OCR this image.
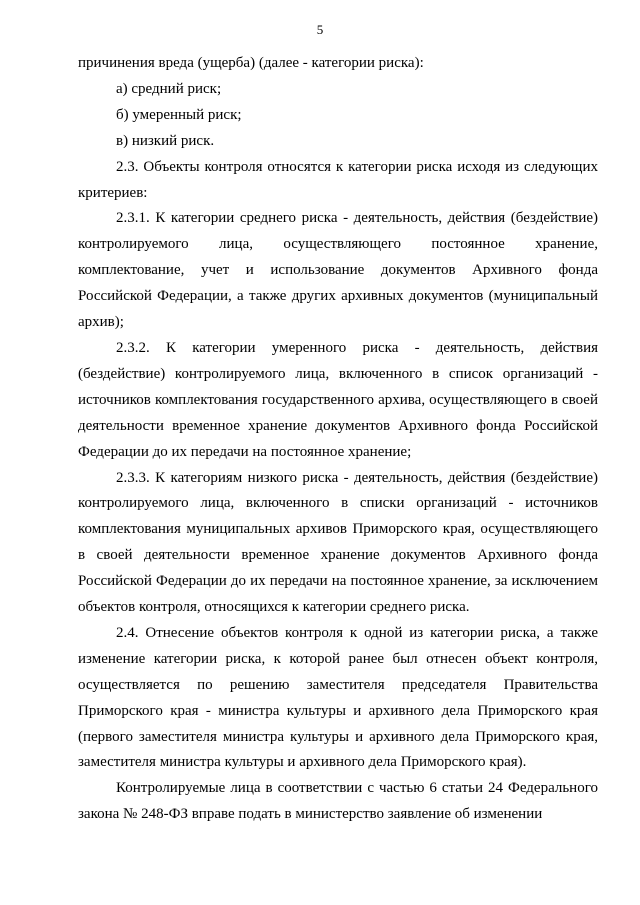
5

причинения вреда (ущерба) (далее - категории риска):

а) средний риск;

б) умеренный риск;

в) низкий риск.

2.3. Объекты контроля относятся к категории риска исходя из следующих критериев:

2.3.1. К категории среднего риска - деятельность, действия (бездействие) контролируемого лица, осуществляющего постоянное хранение, комплектование, учет и использование документов Архивного фонда Российской Федерации, а также других архивных документов (муниципальный архив);

2.3.2. К категории умеренного риска - деятельность, действия (бездействие) контролируемого лица, включенного в список организаций - источников комплектования государственного архива, осуществляющего в своей деятельности временное хранение документов Архивного фонда Российской Федерации до их передачи на постоянное хранение;

2.3.3. К категориям низкого риска - деятельность, действия (бездействие) контролируемого лица, включенного в списки организаций - источников комплектования муниципальных архивов Приморского края, осуществляющего в своей деятельности временное хранение документов Архивного фонда Российской Федерации до их передачи на постоянное хранение, за исключением объектов контроля, относящихся к категории среднего риска.

2.4. Отнесение объектов контроля к одной из категории риска, а также изменение категории риска, к которой ранее был отнесен объект контроля, осуществляется по решению заместителя председателя Правительства Приморского края - министра культуры и архивного дела Приморского края (первого заместителя министра культуры и архивного дела Приморского края, заместителя министра культуры и архивного дела Приморского края).

Контролируемые лица в соответствии с частью 6 статьи 24 Федерального закона № 248-ФЗ вправе подать в министерство заявление об изменении
